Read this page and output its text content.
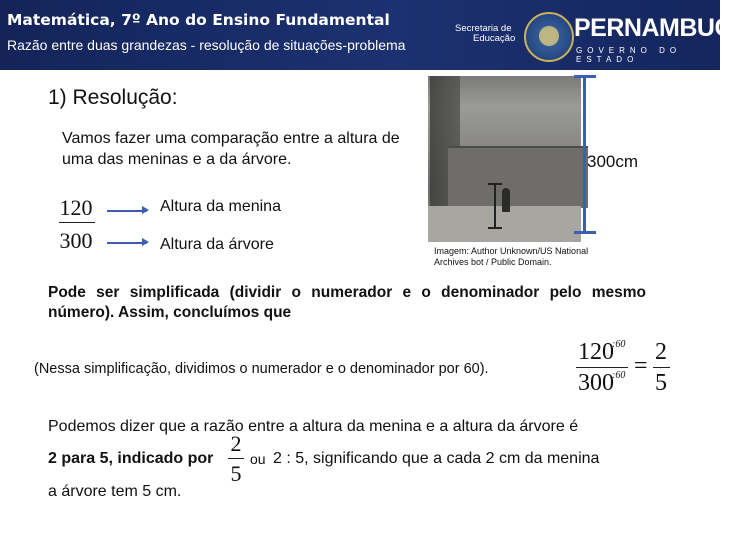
Matemática, 7º Ano do Ensino Fundamental
Razão entre duas grandezas - resolução de situações-problema
Secretaria de
Educação PERNAMBUCO
GOVERNO DO ESTADO
1) Resolução:
Vamos fazer uma comparação entre a altura de uma das meninas e a da árvore.
120
300
Altura da menina
Altura da árvore
300cm
Imagem: Author Unknown/US National Archives bot / Public Domain.
Pode ser simplificada (dividir o numerador e o denominador pelo mesmo número). Assim, concluímos que
(Nessa simplificação, dividimos o numerador e o denominador por 60).
120
:60
300
:60 =
2
5
Podemos dizer que a razão entre a altura da menina e a altura da árvore é
2 para 5, indicado por
2
5
ou 2 : 5, significando que a cada 2 cm da menina
a árvore tem 5 cm.
